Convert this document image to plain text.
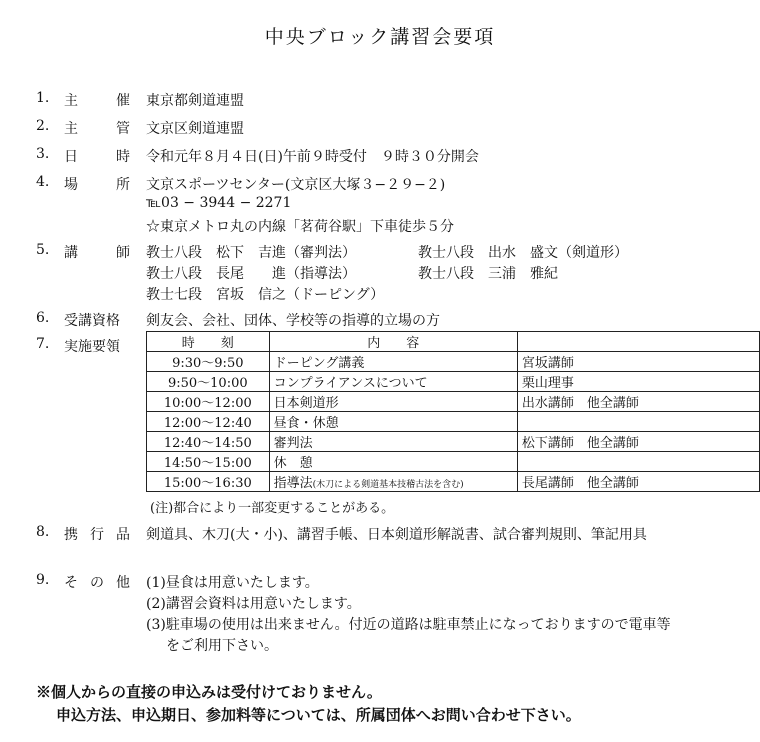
中央ブロック講習会要項
1. 主	催 東京都剣道連盟
2. 主	管 文京区剣道連盟
3. 日	時 令和元年８月４日(日)午前９時受付　９時３０分開会
4. 場	所 文京スポーツセンター(文京区大塚３−２９−２)
℡03 − 3944 − 2271
☆東京メトロ丸の内線「茗荷谷駅」下車徒歩５分
5. 講	師 教士八段　松下　吉進（審判法）	教士八段　出水　盛文（剣道形）
教士八段　長尾　　進（指導法）	教士八段　三浦　雅紀
教士七段　宮坂　信之（ドーピング）
6. 受講資格 剣友会、会社、団体、学校等の指導的立場の方
7. 実施要領	時　　刻	内　　容	
9:30〜9:50	ドーピング講義	宮坂講師
9:50〜10:00	コンプライアンスについて	栗山理事
10:00〜12:00	日本剣道形	出水講師　他全講師
12:00〜12:40	昼食・休憩	
12:40〜14:50	審判法	松下講師　他全講師
14:50〜15:00	休　憩	
15:00〜16:30	指導法(木刀による剣道基本技稽古法を含む)	長尾講師　他全講師
(注)都合により一部変更することがある。
8. 携 行 品 剣道具、木刀(大・小)、講習手帳、日本剣道形解説書、試合審判規則、筆記用具
9. そ の 他 (1)昼食は用意いたします。
(2)講習会資料は用意いたします。
(3)駐車場の使用は出来ません。付近の道路は駐車禁止になっておりますので電車等
をご利用下さい。
※個人からの直接の申込みは受付けておりません。
申込方法、申込期日、参加料等については、所属団体へお問い合わせ下さい。
